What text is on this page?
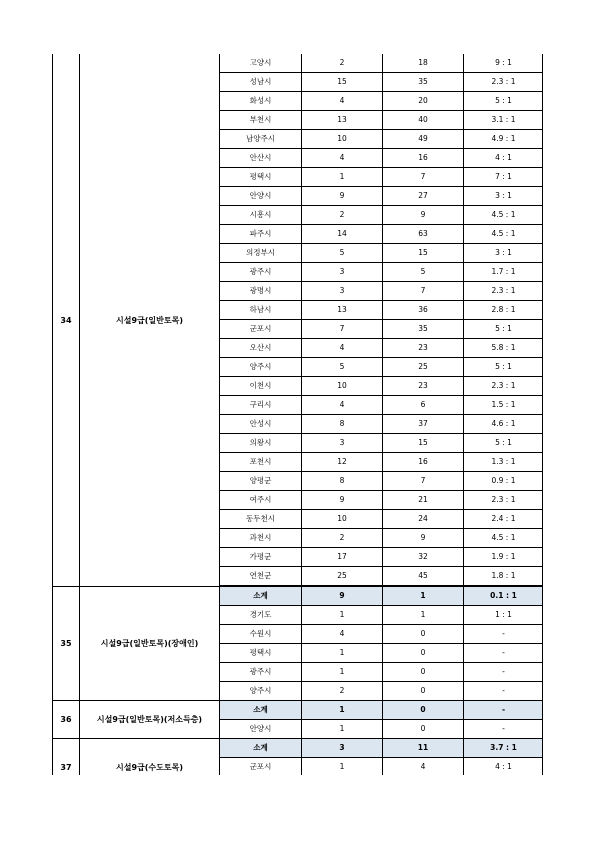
34	시설9급(일반토목)
고양시	2	18	9 : 1
성남시	15	35	2.3 : 1
화성시	4	20	5 : 1
부천시	13	40	3.1 : 1
남양주시	10	49	4.9 : 1
안산시	4	16	4 : 1
평택시	1	7	7 : 1
안양시	9	27	3 : 1
시흥시	2	9	4.5 : 1
파주시	14	63	4.5 : 1
의정부시	5	15	3 : 1
광주시	3	5	1.7 : 1
광명시	3	7	2.3 : 1
하남시	13	36	2.8 : 1
군포시	7	35	5 : 1
오산시	4	23	5.8 : 1
양주시	5	25	5 : 1
이천시	10	23	2.3 : 1
구리시	4	6	1.5 : 1
안성시	8	37	4.6 : 1
의왕시	3	15	5 : 1
포천시	12	16	1.3 : 1
양평군	8	7	0.9 : 1
여주시	9	21	2.3 : 1
동두천시	10	24	2.4 : 1
과천시	2	9	4.5 : 1
가평군	17	32	1.9 : 1
연천군	25	45	1.8 : 1
35	시설9급(일반토목)(장애인)
소계	9	1	0.1 : 1
경기도	1	1	1 : 1
수원시	4	0	-
평택시	1	0	-
광주시	1	0	-
양주시	2	0	-
36	시설9급(일반토목)(저소득층)
소계	1	0	-
안양시	1	0	-
37	시설9급(수도토목)
소계	3	11	3.7 : 1
군포시	1	4	4 : 1
